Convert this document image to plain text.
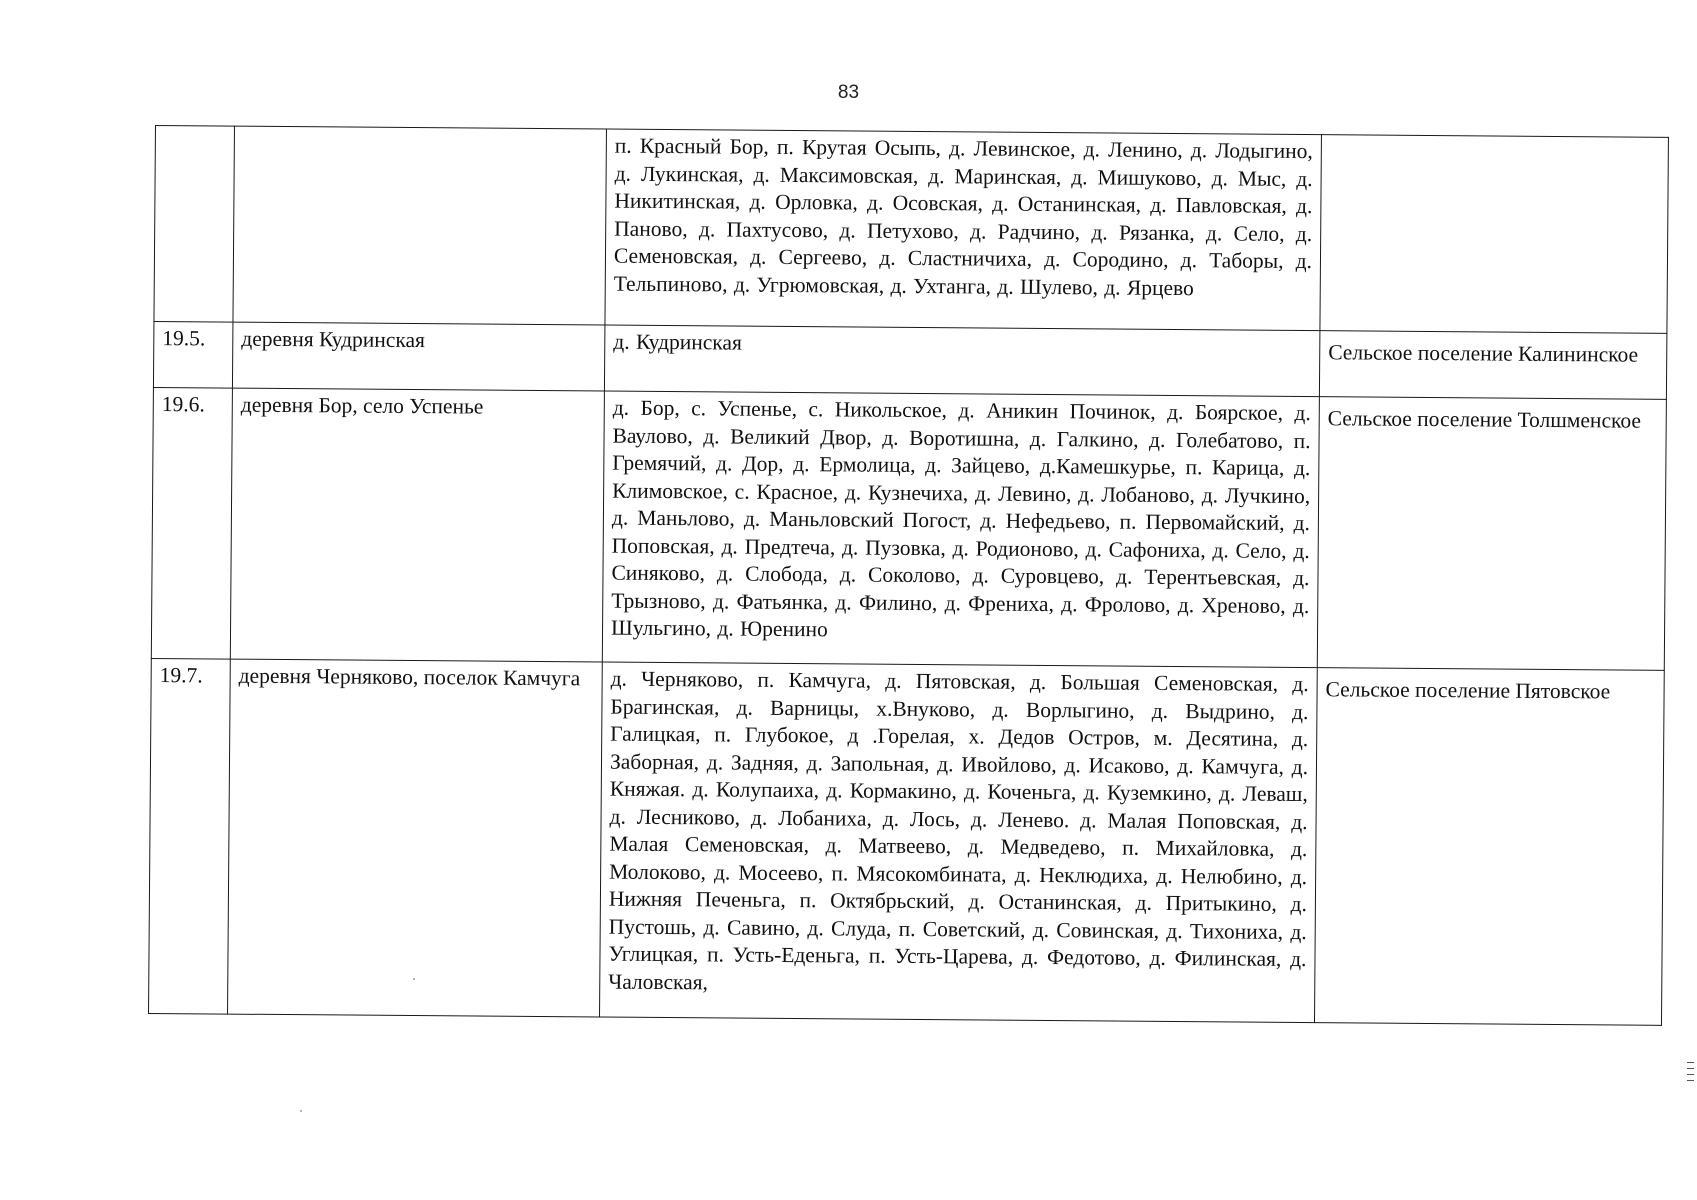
83
		п. Красный Бор, п. Крутая Осыпь, д. Левинское, д. Ленино, д. Лодыгино, д. Лукинская, д. Максимовская, д. Маринская, д. Мишуково, д. Мыс, д. Никитинская, д. Орловка, д. Осовская, д. Останинская, д. Павловская, д. Паново, д. Пахтусово, д. Петухово, д. Радчино, д. Рязанка, д. Село, д. Семеновская, д. Сергеево, д. Сластничиха, д. Сородино, д. Таборы, д. Тельпиново, д. Угрюмовская, д. Ухтанга, д. Шулево, д. Ярцево	
19.5.	деревня Кудринская	д. Кудринская	Сельское поселение Калининское
19.6.	деревня Бор, село Успенье	д. Бор, с. Успенье, с. Никольское, д. Аникин Починок, д. Боярское, д. Ваулово, д. Великий Двор, д. Воротишна, д. Галкино, д. Голебатово, п. Гремячий, д. Дор, д. Ермолица, д. Зайцево, д.Камешкурье, п. Карица, д. Климовское, с. Красное, д. Кузнечиха, д. Левино, д. Лобаново, д. Лучкино, д. Маньлово, д. Маньловский Погост, д. Нефедьево, п. Первомайский, д. Поповская, д. Предтеча, д. Пузовка, д. Родионово, д. Сафониха, д. Село, д. Синяково, д. Слобода, д. Соколово, д. Суровцево, д. Терентьевская, д. Трызново, д. Фатьянка, д. Филино, д. Френиха, д. Фролово, д. Хреново, д. Шульгино, д. Юренино	Сельское поселение Толшменское
19.7.	деревня Черняково, поселок Камчуга	д. Черняково, п. Камчуга, д. Пятовская, д. Большая Семеновская, д. Брагинская, д. Варницы, х.Внуково, д. Ворлыгино, д. Выдрино, д. Галицкая, п. Глубокое, д .Горелая, х. Дедов Остров, м. Десятина, д. Заборная, д. Задняя, д. Запольная, д. Ивойлово, д. Исаково, д. Камчуга, д. Княжая. д. Колупаиха, д. Кормакино, д. Коченьга, д. Куземкино, д. Леваш, д. Лесниково, д. Лобаниха, д. Лось, д. Ленево. д. Малая Поповская, д. Малая Семеновская, д. Матвеево, д. Медведево, п. Михайловка, д. Молоково, д. Мосеево, п. Мясокомбината, д. Неклюдиха, д. Нелюбино, д. Нижняя Печеньга, п. Октябрьский, д. Останинская, д. Притыкино, д. Пустошь, д. Савино, д. Слуда, п. Советский, д. Совинская, д. Тихониха, д. Углицкая, п. Усть-Еденьга, п. Усть-Царева, д. Федотово, д. Филинская, д. Чаловская,	Сельское поселение Пятовское
